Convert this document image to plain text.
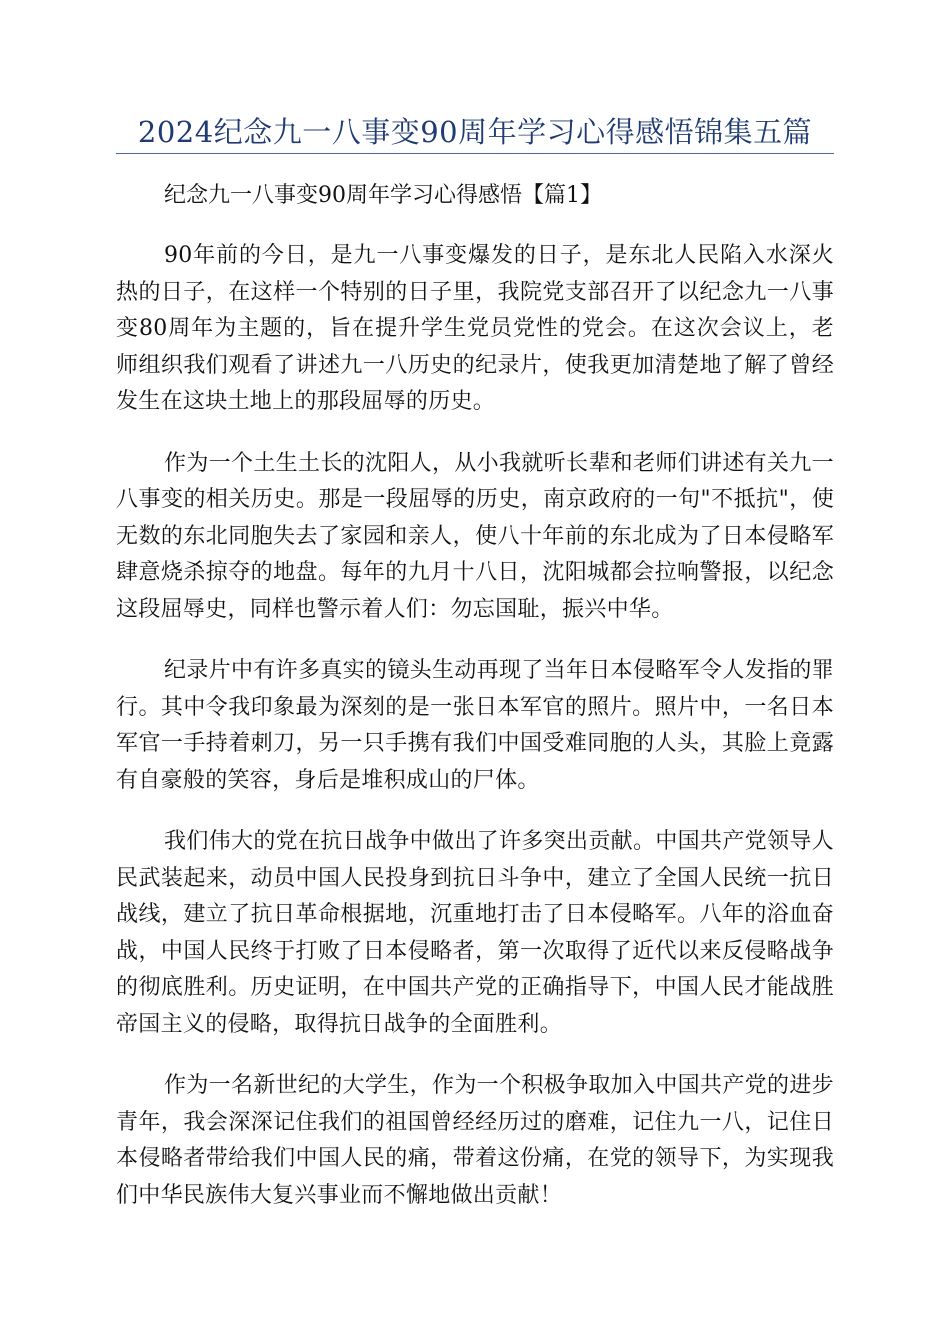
2024纪念九一八事变90周年学习心得感悟锦集五篇

纪念九一八事变90周年学习心得感悟【篇1】

90年前的今日，是九一八事变爆发的日子，是东北人民陷入水深火热的日子，在这样一个特别的日子里，我院党支部召开了以纪念九一八事变80周年为主题的，旨在提升学生党员党性的党会。在这次会议上，老师组织我们观看了讲述九一八历史的纪录片，使我更加清楚地了解了曾经发生在这块土地上的那段屈辱的历史。

作为一个土生土长的沈阳人，从小我就听长辈和老师们讲述有关九一八事变的相关历史。那是一段屈辱的历史，南京政府的一句"不抵抗"，使无数的东北同胞失去了家园和亲人，使八十年前的东北成为了日本侵略军肆意烧杀掠夺的地盘。每年的九月十八日，沈阳城都会拉响警报，以纪念这段屈辱史，同样也警示着人们：勿忘国耻，振兴中华。

纪录片中有许多真实的镜头生动再现了当年日本侵略军令人发指的罪行。其中令我印象最为深刻的是一张日本军官的照片。照片中，一名日本军官一手持着刺刀，另一只手携有我们中国受难同胞的人头，其脸上竟露有自豪般的笑容，身后是堆积成山的尸体。

我们伟大的党在抗日战争中做出了许多突出贡献。中国共产党领导人民武装起来，动员中国人民投身到抗日斗争中，建立了全国人民统一抗日战线，建立了抗日革命根据地，沉重地打击了日本侵略军。八年的浴血奋战，中国人民终于打败了日本侵略者，第一次取得了近代以来反侵略战争的彻底胜利。历史证明，在中国共产党的正确指导下，中国人民才能战胜帝国主义的侵略，取得抗日战争的全面胜利。

作为一名新世纪的大学生，作为一个积极争取加入中国共产党的进步青年，我会深深记住我们的祖国曾经经历过的磨难，记住九一八，记住日本侵略者带给我们中国人民的痛，带着这份痛，在党的领导下，为实现我们中华民族伟大复兴事业而不懈地做出贡献！
